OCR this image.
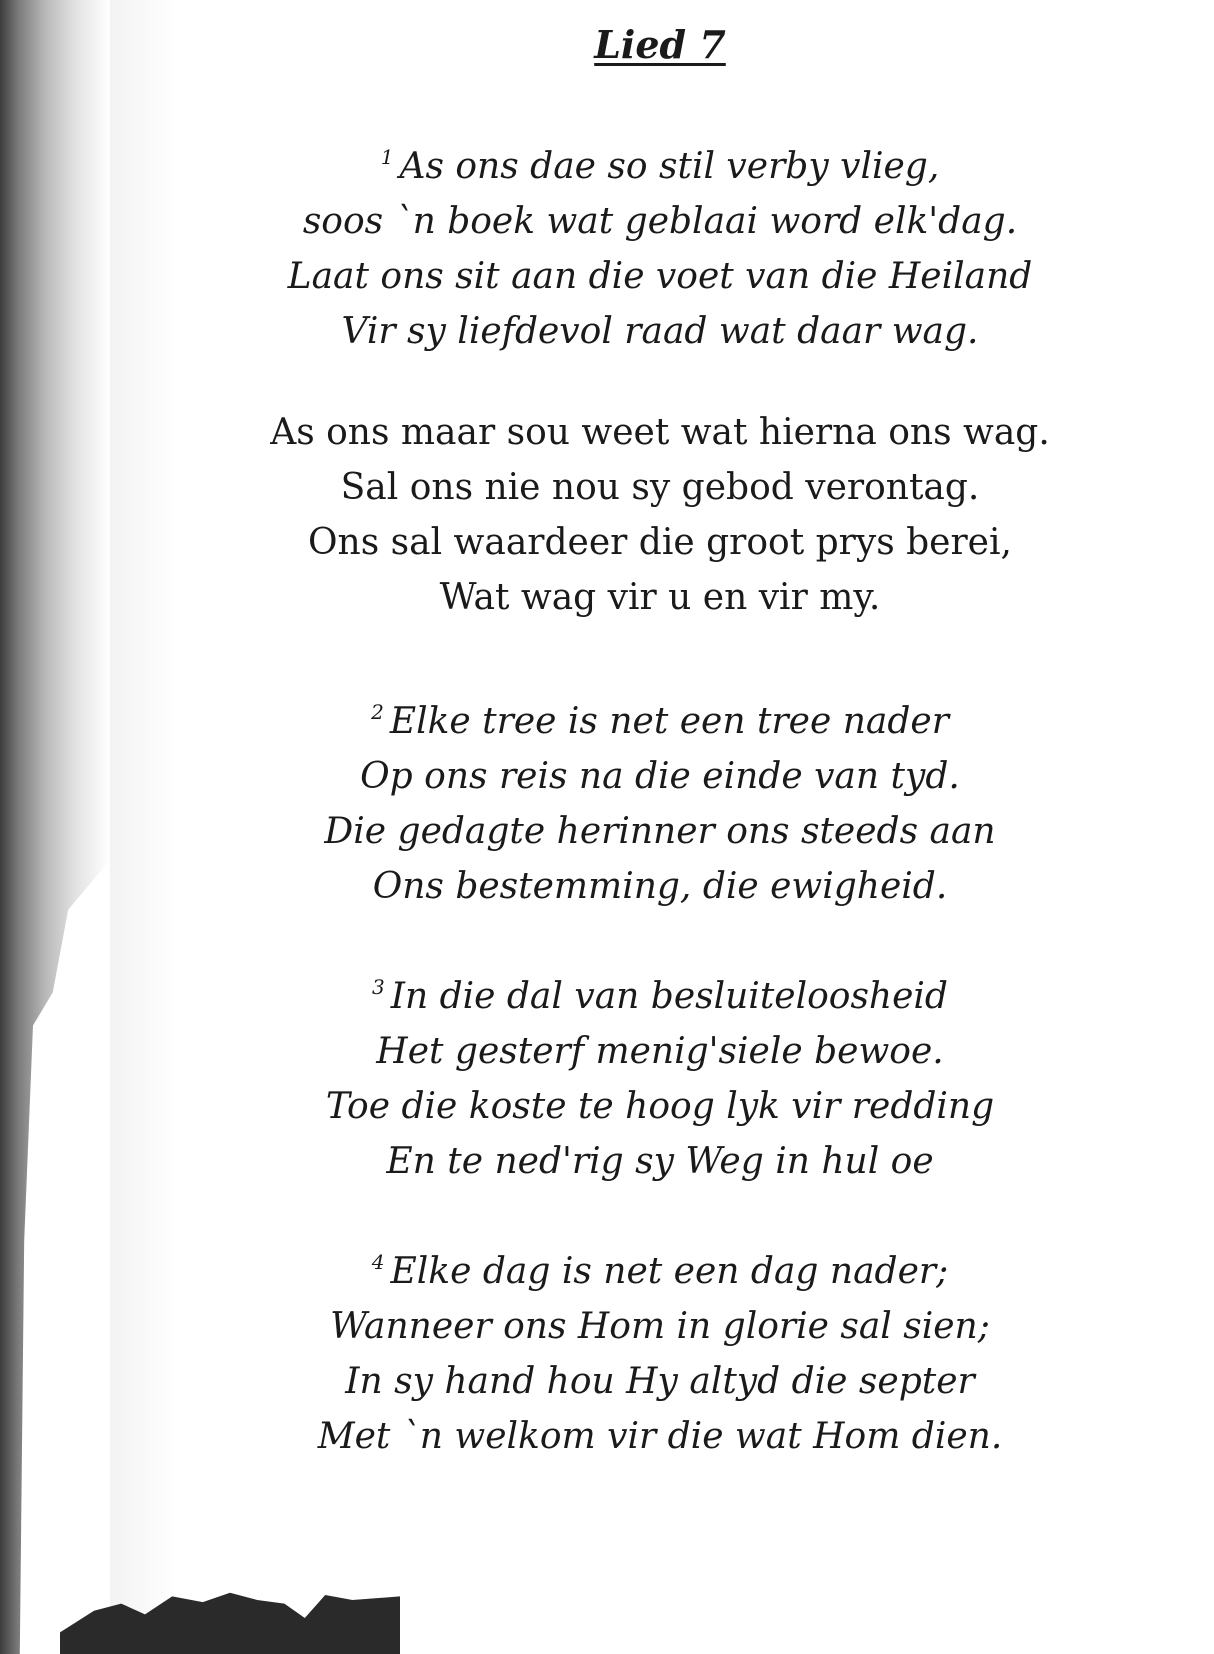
Lied 7
$^1$ As ons dae so stil verby vlieg,
soos `n boek wat geblaai word elk'dag.
Laat ons sit aan die voet van die Heiland
Vir sy liefdevol raad wat daar wag.
As ons maar sou weet wat hierna ons wag.
Sal ons nie nou sy gebod verontag.
Ons sal waardeer die groot prys berei,
Wat wag vir u en vir my.
$^2$ Elke tree is net een tree nader
Op ons reis na die einde van tyd.
Die gedagte herinner ons steeds aan
Ons bestemming, die ewigheid.
$^3$ In die dal van besluiteloosheid
Het gesterf menig'siele bewoe.
Toe die koste te hoog lyk vir redding
En te ned'rig sy Weg in hul oe
$^4$ Elke dag is net een dag nader;
Wanneer ons Hom in glorie sal sien;
In sy hand hou Hy altyd die septer
Met `n welkom vir die wat Hom dien.
